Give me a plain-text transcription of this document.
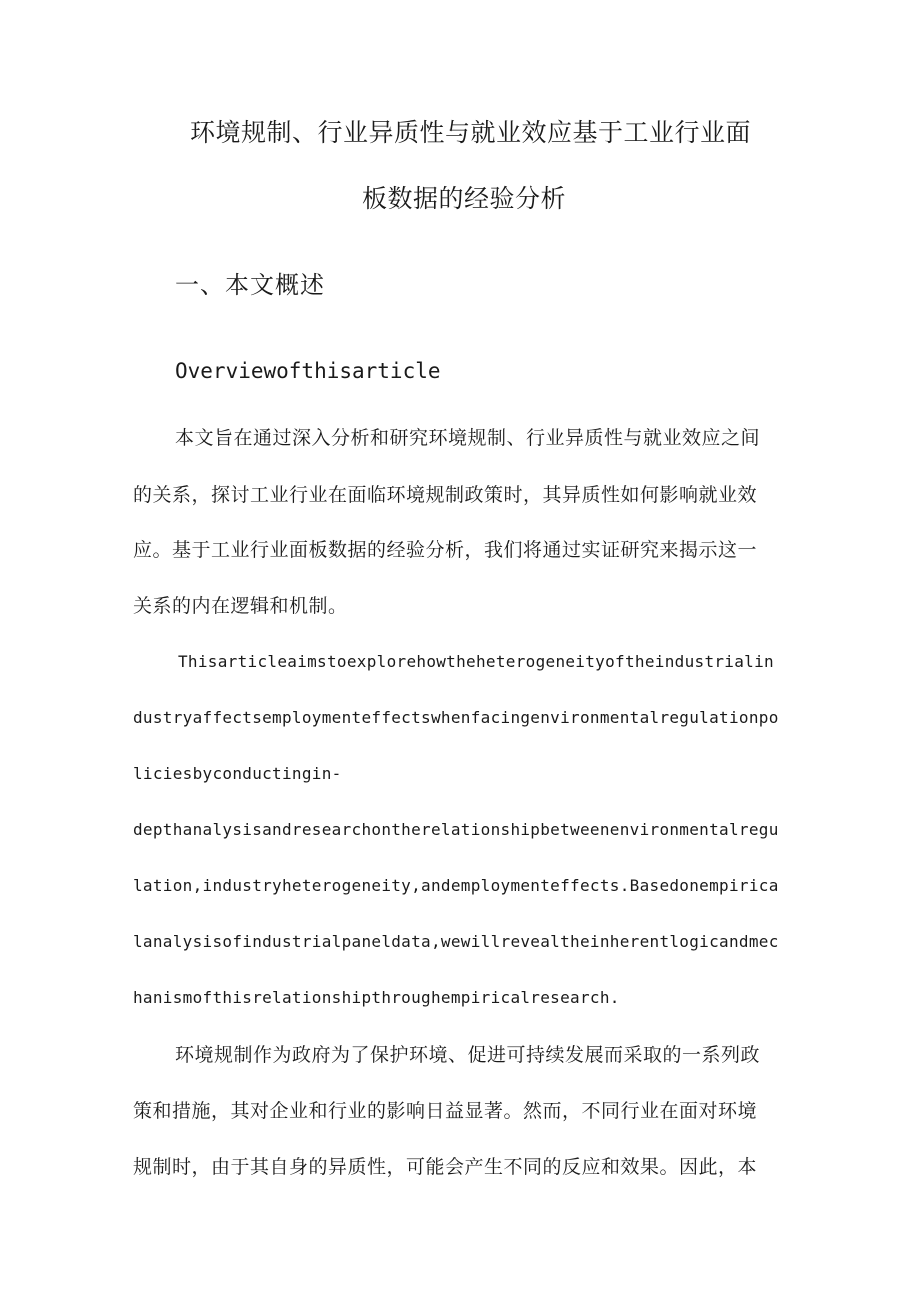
环境规制、行业异质性与就业效应基于工业行业面
板数据的经验分析
一、本文概述
Overviewofthisarticle
本文旨在通过深入分析和研究环境规制、行业异质性与就业效应之间
的关系，探讨工业行业在面临环境规制政策时，其异质性如何影响就业效
应。基于工业行业面板数据的经验分析，我们将通过实证研究来揭示这一
关系的内在逻辑和机制。
Thisarticleaimstoexplorehowtheheterogeneityoftheindustrialin
dustryaffectsemploymenteffectswhenfacingenvironmentalregulationpo
liciesbyconductingin-
depthanalysisandresearchontherelationshipbetweenenvironmentalregu
lation,industryheterogeneity,andemploymenteffects.Basedonempirica
lanalysisofindustrialpaneldata,wewillrevealtheinherentlogicandmec
hanismofthisrelationshipthroughempiricalresearch.
环境规制作为政府为了保护环境、促进可持续发展而采取的一系列政
策和措施，其对企业和行业的影响日益显著。然而，不同行业在面对环境
规制时，由于其自身的异质性，可能会产生不同的反应和效果。因此，本
